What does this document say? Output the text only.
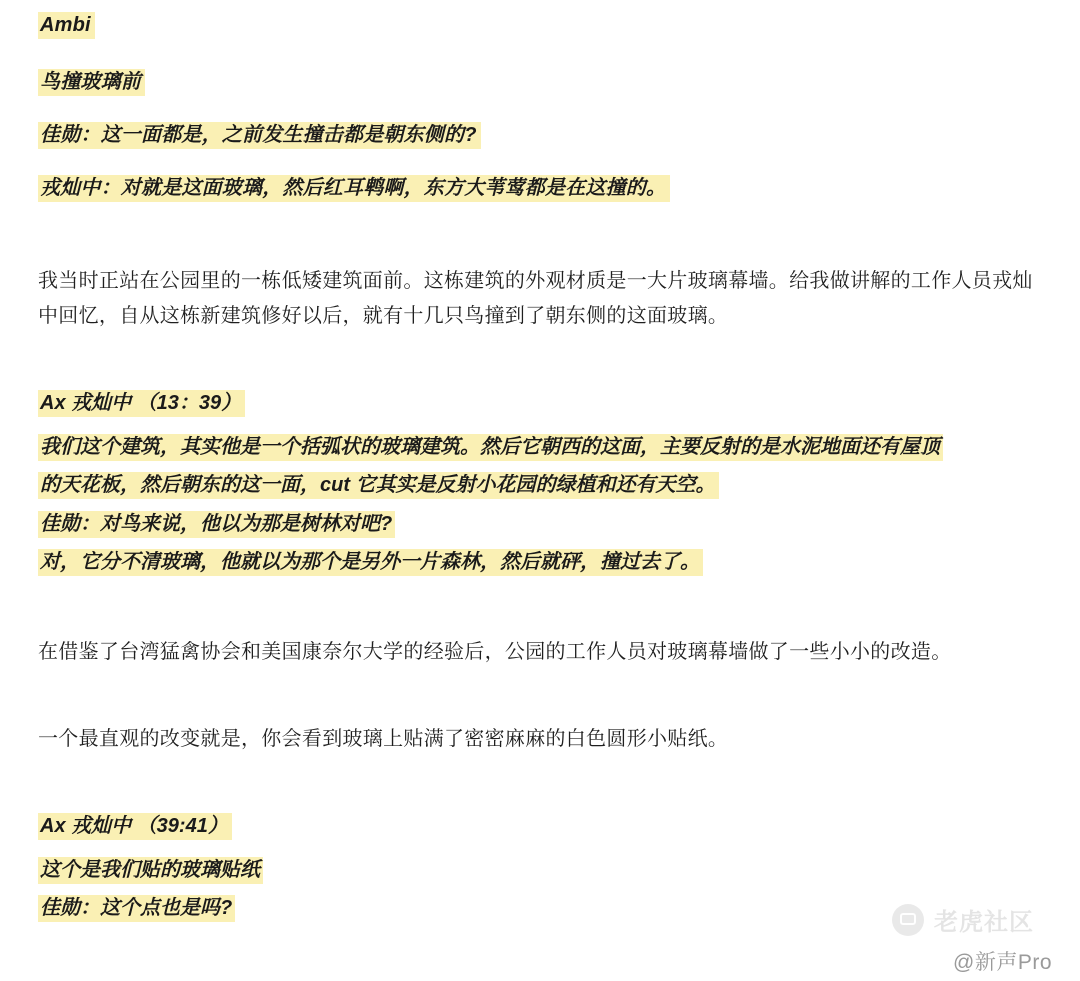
Ambi

鸟撞玻璃前

佳勋：这一面都是，之前发生撞击都是朝东侧的?

戎灿中：对就是这面玻璃，然后红耳鹎啊，东方大苇莺都是在这撞的。

我当时正站在公园里的一栋低矮建筑面前。这栋建筑的外观材质是一大片玻璃幕墙。给我做讲解的工作人员戎灿中回忆，自从这栋新建筑修好以后，就有十几只鸟撞到了朝东侧的这面玻璃。

Ax 戎灿中 （13：39）

我们这个建筑，其实他是一个括弧状的玻璃建筑。然后它朝西的这面，主要反射的是水泥地面还有屋顶

的天花板，然后朝东的这一面，cut 它其实是反射小花园的绿植和还有天空。

佳勋：对鸟来说，他以为那是树林对吧?

对，它分不清玻璃，他就以为那个是另外一片森林，然后就砰，撞过去了。

在借鉴了台湾猛禽协会和美国康奈尔大学的经验后，公园的工作人员对玻璃幕墙做了一些小小的改造。

一个最直观的改变就是，你会看到玻璃上贴满了密密麻麻的白色圆形小贴纸。

Ax 戎灿中 （39:41）

这个是我们贴的玻璃贴纸

佳勋：这个点也是吗?

老虎社区
@新声Pro
